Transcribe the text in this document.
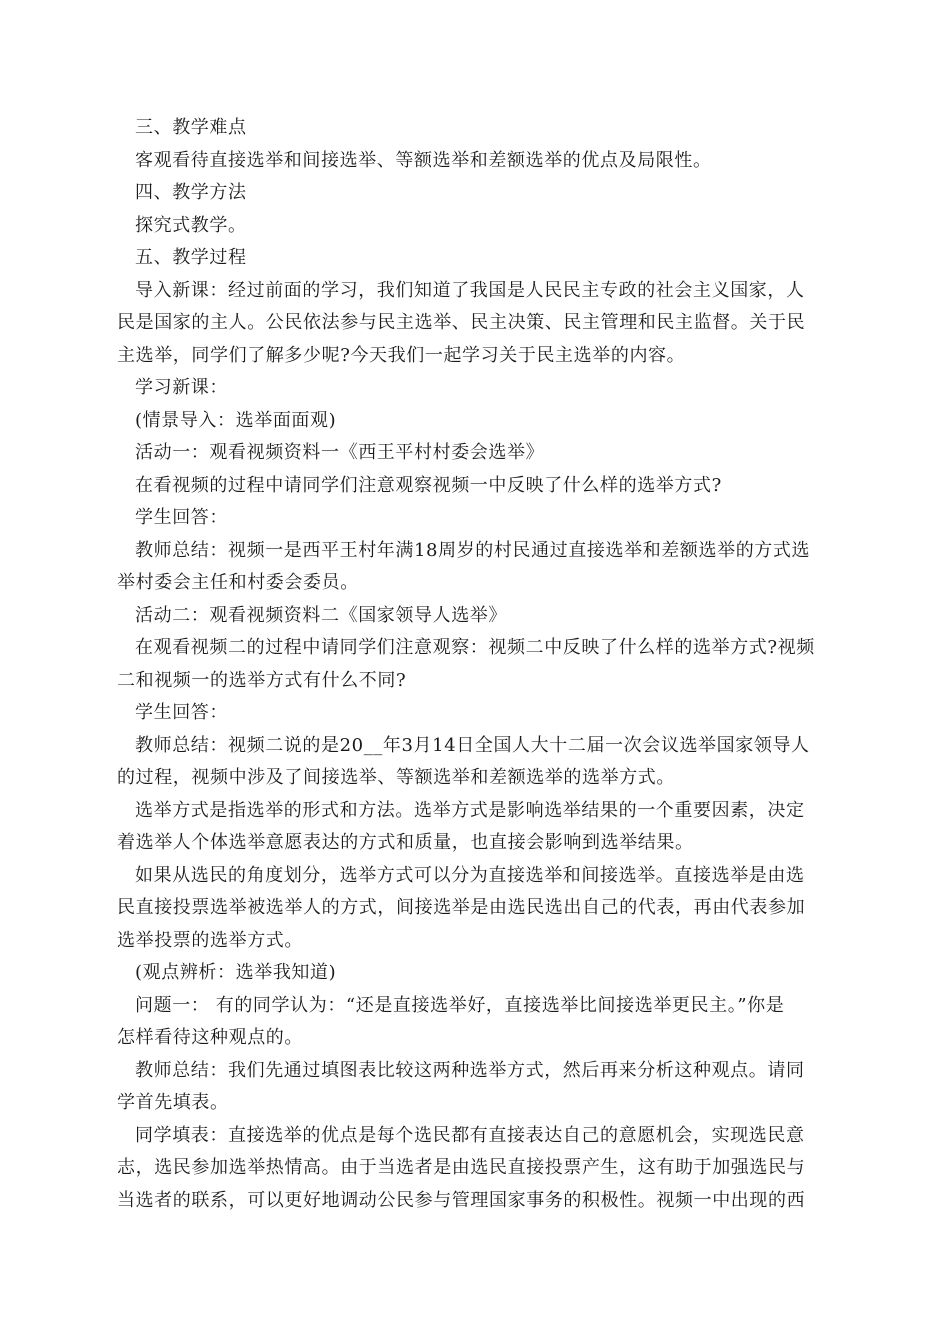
三、教学难点
客观看待直接选举和间接选举、等额选举和差额选举的优点及局限性。
四、教学方法
探究式教学。
五、教学过程
导入新课：经过前面的学习，我们知道了我国是人民民主专政的社会主义国家，人
民是国家的主人。公民依法参与民主选举、民主决策、民主管理和民主监督。关于民
主选举，同学们了解多少呢?今天我们一起学习关于民主选举的内容。
学习新课：
(情景导入：选举面面观)
活动一：观看视频资料一《西王平村村委会选举》
在看视频的过程中请同学们注意观察视频一中反映了什么样的选举方式?
学生回答：
教师总结：视频一是西平王村年满18周岁的村民通过直接选举和差额选举的方式选
举村委会主任和村委会委员。
活动二：观看视频资料二《国家领导人选举》
在观看视频二的过程中请同学们注意观察：视频二中反映了什么样的选举方式?视频
二和视频一的选举方式有什么不同?
学生回答：
教师总结：视频二说的是20__年3月14日全国人大十二届一次会议选举国家领导人
的过程，视频中涉及了间接选举、等额选举和差额选举的选举方式。
选举方式是指选举的形式和方法。选举方式是影响选举结果的一个重要因素，决定
着选举人个体选举意愿表达的方式和质量，也直接会影响到选举结果。
如果从选民的角度划分，选举方式可以分为直接选举和间接选举。直接选举是由选
民直接投票选举被选举人的方式，间接选举是由选民选出自己的代表，再由代表参加
选举投票的选举方式。
(观点辨析：选举我知道)
问题一： 有的同学认为：“还是直接选举好，直接选举比间接选举更民主。”你是
怎样看待这种观点的。
教师总结：我们先通过填图表比较这两种选举方式，然后再来分析这种观点。请同
学首先填表。
同学填表：直接选举的优点是每个选民都有直接表达自己的意愿机会，实现选民意
志，选民参加选举热情高。由于当选者是由选民直接投票产生，这有助于加强选民与
当选者的联系，可以更好地调动公民参与管理国家事务的积极性。视频一中出现的西
